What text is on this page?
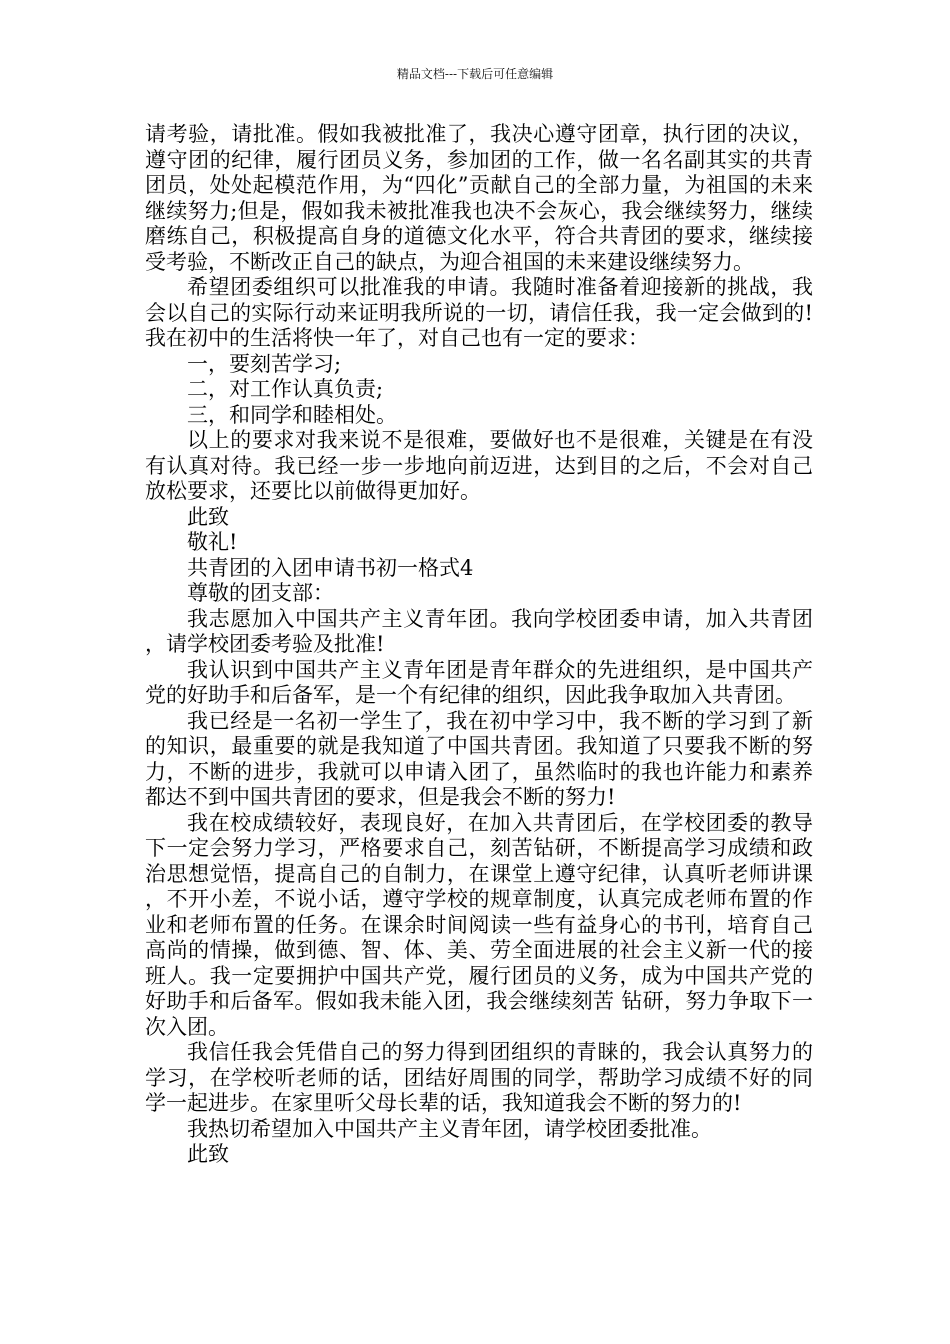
精品文档---下载后可任意编辑

请考验，请批准。假如我被批准了，我决心遵守团章，执行团的决议，遵守团的纪律，履行团员义务，参加团的工作，做一名名副其实的共青团员，处处起模范作用，为“四化”贡献自己的全部力量，为祖国的未来继续努力;但是，假如我未被批准我也决不会灰心，我会继续努力，继续磨练自己，积极提高自身的道德文化水平，符合共青团的要求，继续接受考验，不断改正自己的缺点，为迎合祖国的未来建设继续努力。

希望团委组织可以批准我的申请。我随时准备着迎接新的挑战，我会以自己的实际行动来证明我所说的一切，请信任我，我一定会做到的!我在初中的生活将快一年了，对自己也有一定的要求：

一，要刻苦学习;

二，对工作认真负责;

三，和同学和睦相处。

以上的要求对我来说不是很难，要做好也不是很难，关键是在有没有认真对待。我已经一步一步地向前迈进，达到目的之后，不会对自己放松要求，还要比以前做得更加好。

此致

敬礼!

共青团的入团申请书初一格式4

尊敬的团支部：

我志愿加入中国共产主义青年团。我向学校团委申请，加入共青团，请学校团委考验及批准!

我认识到中国共产主义青年团是青年群众的先进组织，是中国共产党的好助手和后备军，是一个有纪律的组织，因此我争取加入共青团。

我已经是一名初一学生了，我在初中学习中，我不断的学习到了新的知识，最重要的就是我知道了中国共青团。我知道了只要我不断的努力，不断的进步，我就可以申请入团了，虽然临时的我也许能力和素养都达不到中国共青团的要求，但是我会不断的努力!

我在校成绩较好，表现良好，在加入共青团后，在学校团委的教导下一定会努力学习，严格要求自己，刻苦钻研，不断提高学习成绩和政治思想觉悟，提高自己的自制力，在课堂上遵守纪律，认真听老师讲课，不开小差，不说小话，遵守学校的规章制度，认真完成老师布置的作业和老师布置的任务。在课余时间阅读一些有益身心的书刊，培育自己高尚的情操，做到德、智、体、美、劳全面进展的社会主义新一代的接班人。我一定要拥护中国共产党，履行团员的义务，成为中国共产党的好助手和后备军。假如我未能入团，我会继续刻苦 钻研，努力争取下一次入团。

我信任我会凭借自己的努力得到团组织的青睐的，我会认真努力的学习，在学校听老师的话，团结好周围的同学，帮助学习成绩不好的同学一起进步。在家里听父母长辈的话，我知道我会不断的努力的!

我热切希望加入中国共产主义青年团，请学校团委批准。

此致
